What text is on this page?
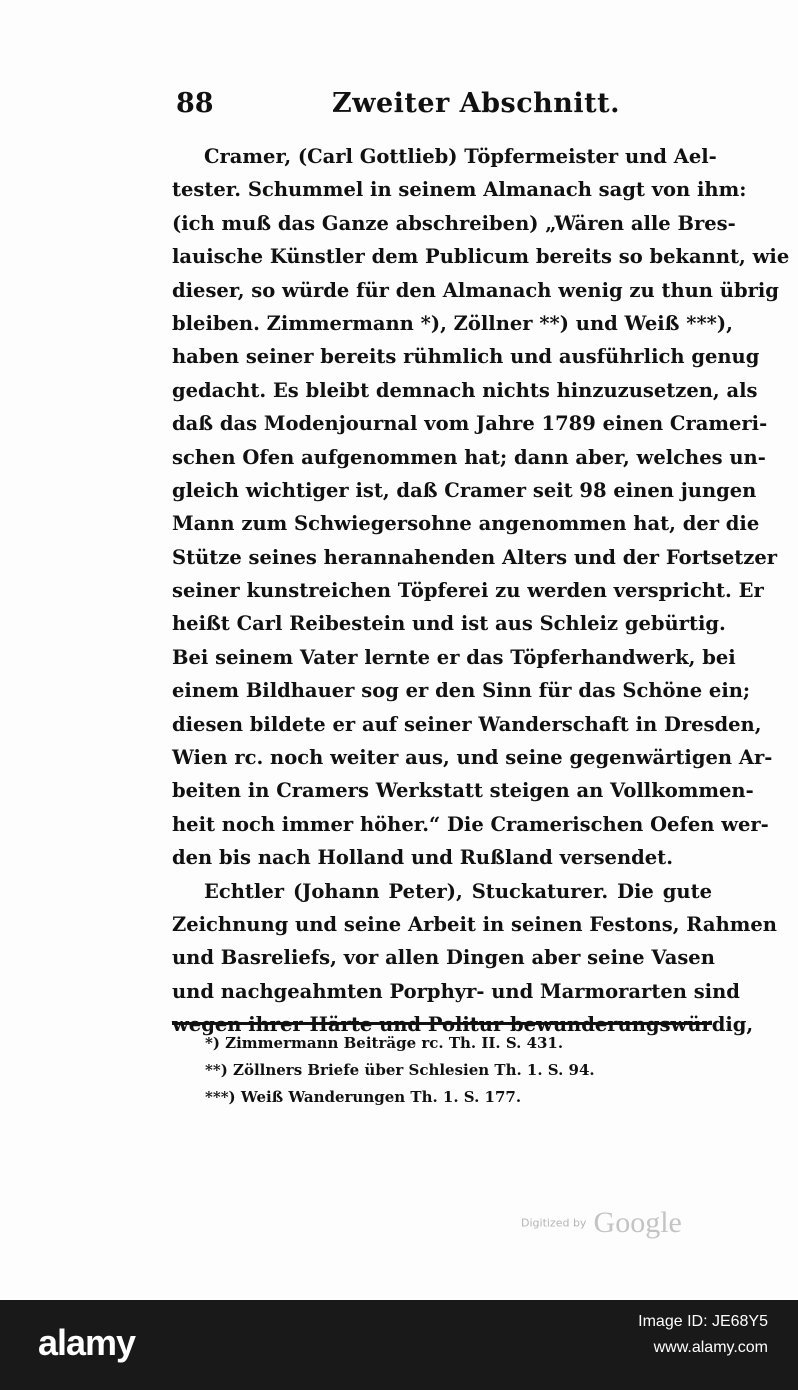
88	Zweiter Abschnitt.
Cramer, (Carl Gottlieb) Töpfermeister und Ael-
tester. Schummel in seinem Almanach sagt von ihm:
(ich muß das Ganze abschreiben) „Wären alle Bres-
lauische Künstler dem Publicum bereits so bekannt, wie
dieser, so würde für den Almanach wenig zu thun übrig
bleiben. Zimmermann *), Zöllner **) und Weiß ***),
haben seiner bereits rühmlich und ausführlich genug
gedacht. Es bleibt demnach nichts hinzuzusetzen, als
daß das Modenjournal vom Jahre 1789 einen Crameri-
schen Ofen aufgenommen hat; dann aber, welches un-
gleich wichtiger ist, daß Cramer seit 98 einen jungen
Mann zum Schwiegersohne angenommen hat, der die
Stütze seines herannahenden Alters und der Fortsetzer
seiner kunstreichen Töpferei zu werden verspricht. Er
heißt Carl Reibestein und ist aus Schleiz gebürtig.
Bei seinem Vater lernte er das Töpferhandwerk, bei
einem Bildhauer sog er den Sinn für das Schöne ein;
diesen bildete er auf seiner Wanderschaft in Dresden,
Wien rc. noch weiter aus, und seine gegenwärtigen Ar-
beiten in Cramers Werkstatt steigen an Vollkommen-
heit noch immer höher.“ Die Cramerischen Oefen wer-
den bis nach Holland und Rußland versendet.
Echtler (Johann Peter), Stuckaturer. Die gute
Zeichnung und seine Arbeit in seinen Festons, Rahmen
und Basreliefs, vor allen Dingen aber seine Vasen
und nachgeahmten Porphyr- und Marmorarten sind
wegen ihrer Härte und Politur bewunderungswürdig,
*) Zimmermann Beiträge rc. Th. II. S. 431.
**) Zöllners Briefe über Schlesien Th. 1. S. 94.
***) Weiß Wanderungen Th. 1. S. 177.
Digitized by Google
alamy
Image ID: JE68Y5
www.alamy.com
